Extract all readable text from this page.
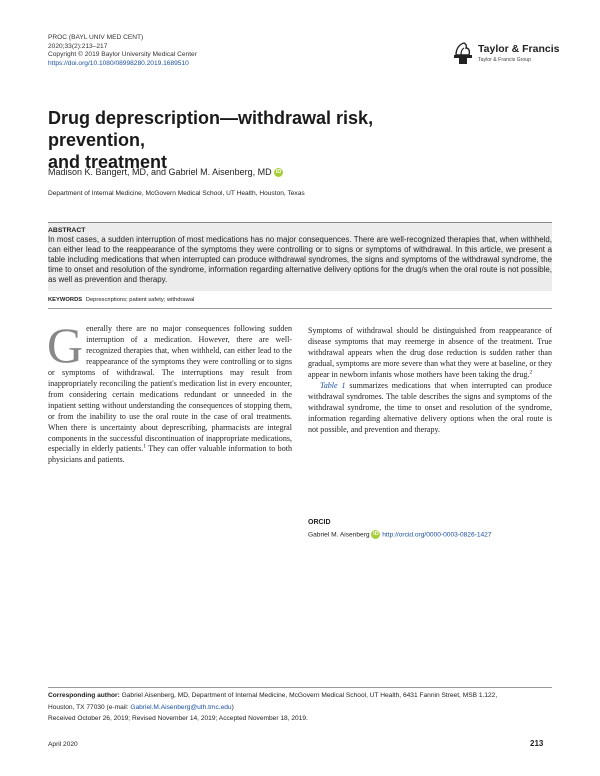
PROC (BAYL UNIV MED CENT)
2020;33(2):213–217
Copyright © 2019 Baylor University Medical Center
https://doi.org/10.1080/08998280.2019.1689510
Taylor & Francis
Taylor & Francis Group
Drug deprescription—withdrawal risk, prevention,
and treatment
Madison K. Bangert, MD, and Gabriel M. Aisenberg, MD iD
Department of Internal Medicine, McGovern Medical School, UT Health, Houston, Texas

ABSTRACT

In most cases, a sudden interruption of most medications has no major consequences. There are well-recognized therapies that, when withheld, can either lead to the reappearance of the symptoms they were controlling or to signs or symptoms of withdrawal. In this article, we present a table including medications that when interrupted can produce withdrawal syndromes, the signs and symptoms of the withdrawal syndrome, the time to onset and resolution of the syndrome, information regarding alternative delivery options for the drug/s when the oral route is not possible, as well as prevention and therapy.

KEYWORDS Deprescriptions; patient safety; withdrawal

Generally there are no major consequences following sudden interruption of a medication. However, there are well-recognized therapies that, when withheld, can either lead to the reappearance of the symptoms they were controlling or to signs or symptoms of withdrawal. The interruptions may result from inappropriately reconciling the patient's medication list in every encounter, from considering certain medications redundant or unneeded in the inpatient setting without understanding the consequences of stopping them, or from the inability to use the oral route in the case of oral treatments. When there is uncertainty about deprescribing, pharmacists are integral components in the successful discontinuation of inappropriate medications, especially in elderly patients.$^1$ They can offer valuable information to both physicians and patients.

Symptoms of withdrawal should be distinguished from reappearance of disease symptoms that may reemerge in absence of the treatment. True withdrawal appears when the drug dose reduction is sudden rather than gradual, symptoms are more severe than what they were at baseline, or they appear in newborn infants whose mothers have been taking the drug.$^2$

Table 1 summarizes medications that when interrupted can produce withdrawal syndromes. The table describes the signs and symptoms of the withdrawal syndrome, the time to onset and resolution of the syndrome, information regarding alternative delivery options when the oral route is not possible, and prevention and therapy.

ORCID

Gabriel M. Aisenberg iD http://orcid.org/0000-0003-0826-1427

Corresponding author: Gabriel Aisenberg, MD, Department of Internal Medicine, McGovern Medical School, UT Health, 6431 Fannin Street, MSB 1.122,

Houston, TX 77030 (e-mail: Gabriel.M.Aisenberg@uth.tmc.edu)

Received October 26, 2019; Revised November 14, 2019; Accepted November 18, 2019.

April 2020	213
